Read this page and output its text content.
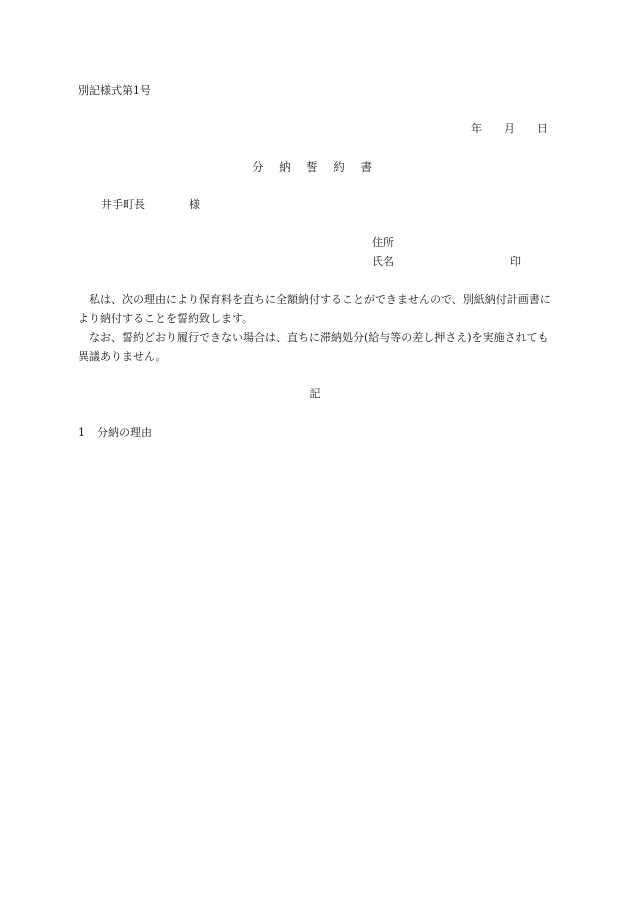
別記様式第1号
年 月 日
分 納 誓 約 書
井手町長	様
住所
氏名	印

私は、次の理由により保育料を直ちに全額納付することができませんので、別紙納付計画書により納付することを誓約致します。

なお、誓約どおり履行できない場合は、直ちに滞納処分(給与等の差し押さえ)を実施されても異議ありません。

記
1 分納の理由
